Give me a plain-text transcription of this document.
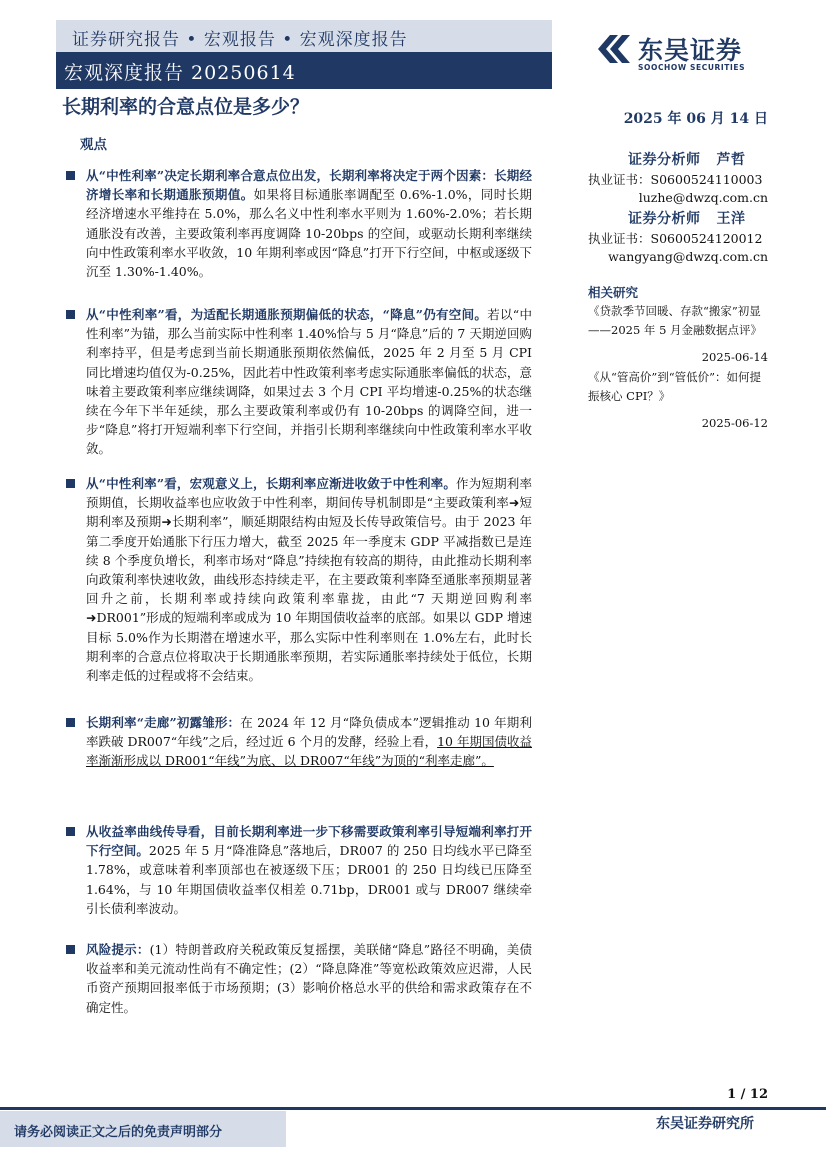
证券研究报告 • 宏观报告 • 宏观深度报告
宏观深度报告 20250614
东吴证券
SOOCHOW SECURITIES
长期利率的合意点位是多少？
2025 年 06 月 14 日
观点
证券分析师 芦哲
执业证书：S0600524110003
luzhe@dwzq.com.cn
证券分析师 王洋
执业证书：S0600524120012
wangyang@dwzq.com.cn
相关研究
《贷款季节回暖、存款“搬家”初显
——2025 年 5 月金融数据点评》
2025-06-14
《从“管高价”到“管低价”：如何提
振核心 CPI？》
2025-06-12

从“中性利率”决定长期利率合意点位出发，长期利率将决定于两个因素：长期经济增长率和长期通胀预期值。如果将目标通胀率调配至 0.6%-1.0%，同时长期经济增速水平维持在 5.0%，那么名义中性利率水平则为 1.60%-2.0%；若长期通胀没有改善，主要政策利率再度调降 10-20bps 的空间，或驱动长期利率继续向中性政策利率水平收敛，10 年期利率或因“降息”打开下行空间，中枢或逐级下沉至 1.30%-1.40%。

从“中性利率”看，为适配长期通胀预期偏低的状态，“降息”仍有空间。若以“中性利率”为锚，那么当前实际中性利率 1.40%恰与 5 月“降息”后的 7 天期逆回购利率持平，但是考虑到当前长期通胀预期依然偏低，2025 年 2 月至 5 月 CPI 同比增速均值仅为-0.25%，因此若中性政策利率考虑实际通胀率偏低的状态，意味着主要政策利率应继续调降，如果过去 3 个月 CPI 平均增速-0.25%的状态继续在今年下半年延续，那么主要政策利率或仍有 10-20bps 的调降空间，进一步“降息”将打开短端利率下行空间，并指引长期利率继续向中性政策利率水平收敛。

从“中性利率”看，宏观意义上，长期利率应渐进收敛于中性利率。作为短期利率预期值，长期收益率也应收敛于中性利率，期间传导机制即是“主要政策利率➜短期利率及预期➜长期利率”，顺延期限结构由短及长传导政策信号。由于 2023 年第二季度开始通胀下行压力增大，截至 2025 年一季度末 GDP 平减指数已是连续 8 个季度负增长，利率市场对“降息”持续抱有较高的期待，由此推动长期利率向政策利率快速收敛，曲线形态持续走平，在主要政策利率降至通胀率预期显著回升之前，长期利率或持续向政策利率靠拢，由此“7 天期逆回购利率➜DR001”形成的短端利率或成为 10 年期国债收益率的底部。如果以 GDP 增速目标 5.0%作为长期潜在增速水平，那么实际中性利率则在 1.0%左右，此时长期利率的合意点位将取决于长期通胀率预期，若实际通胀率持续处于低位，长期利率走低的过程或将不会结束。

长期利率“走廊”初露雏形：在 2024 年 12 月“降负债成本”逻辑推动 10 年期利率跌破 DR007“年线”之后，经过近 6 个月的发酵，经验上看，10 年期国债收益率渐渐形成以 DR001“年线”为底、以 DR007“年线”为顶的“利率走廊”。

从收益率曲线传导看，目前长期利率进一步下移需要政策利率引导短端利率打开下行空间。2025 年 5 月“降准降息”落地后，DR007 的 250 日均线水平已降至 1.78%，或意味着利率顶部也在被逐级下压；DR001 的 250 日均线已压降至 1.64%，与 10 年期国债收益率仅相差 0.71bp，DR001 或与 DR007 继续牵引长债利率波动。

风险提示：(1）特朗普政府关税政策反复摇摆，美联储“降息”路径不明确，美债收益率和美元流动性尚有不确定性；(2）“降息降准”等宽松政策效应迟滞，人民币资产预期回报率低于市场预期；(3）影响价格总水平的供给和需求政策存在不确定性。

1 / 12
请务必阅读正文之后的免责声明部分
东吴证券研究所
